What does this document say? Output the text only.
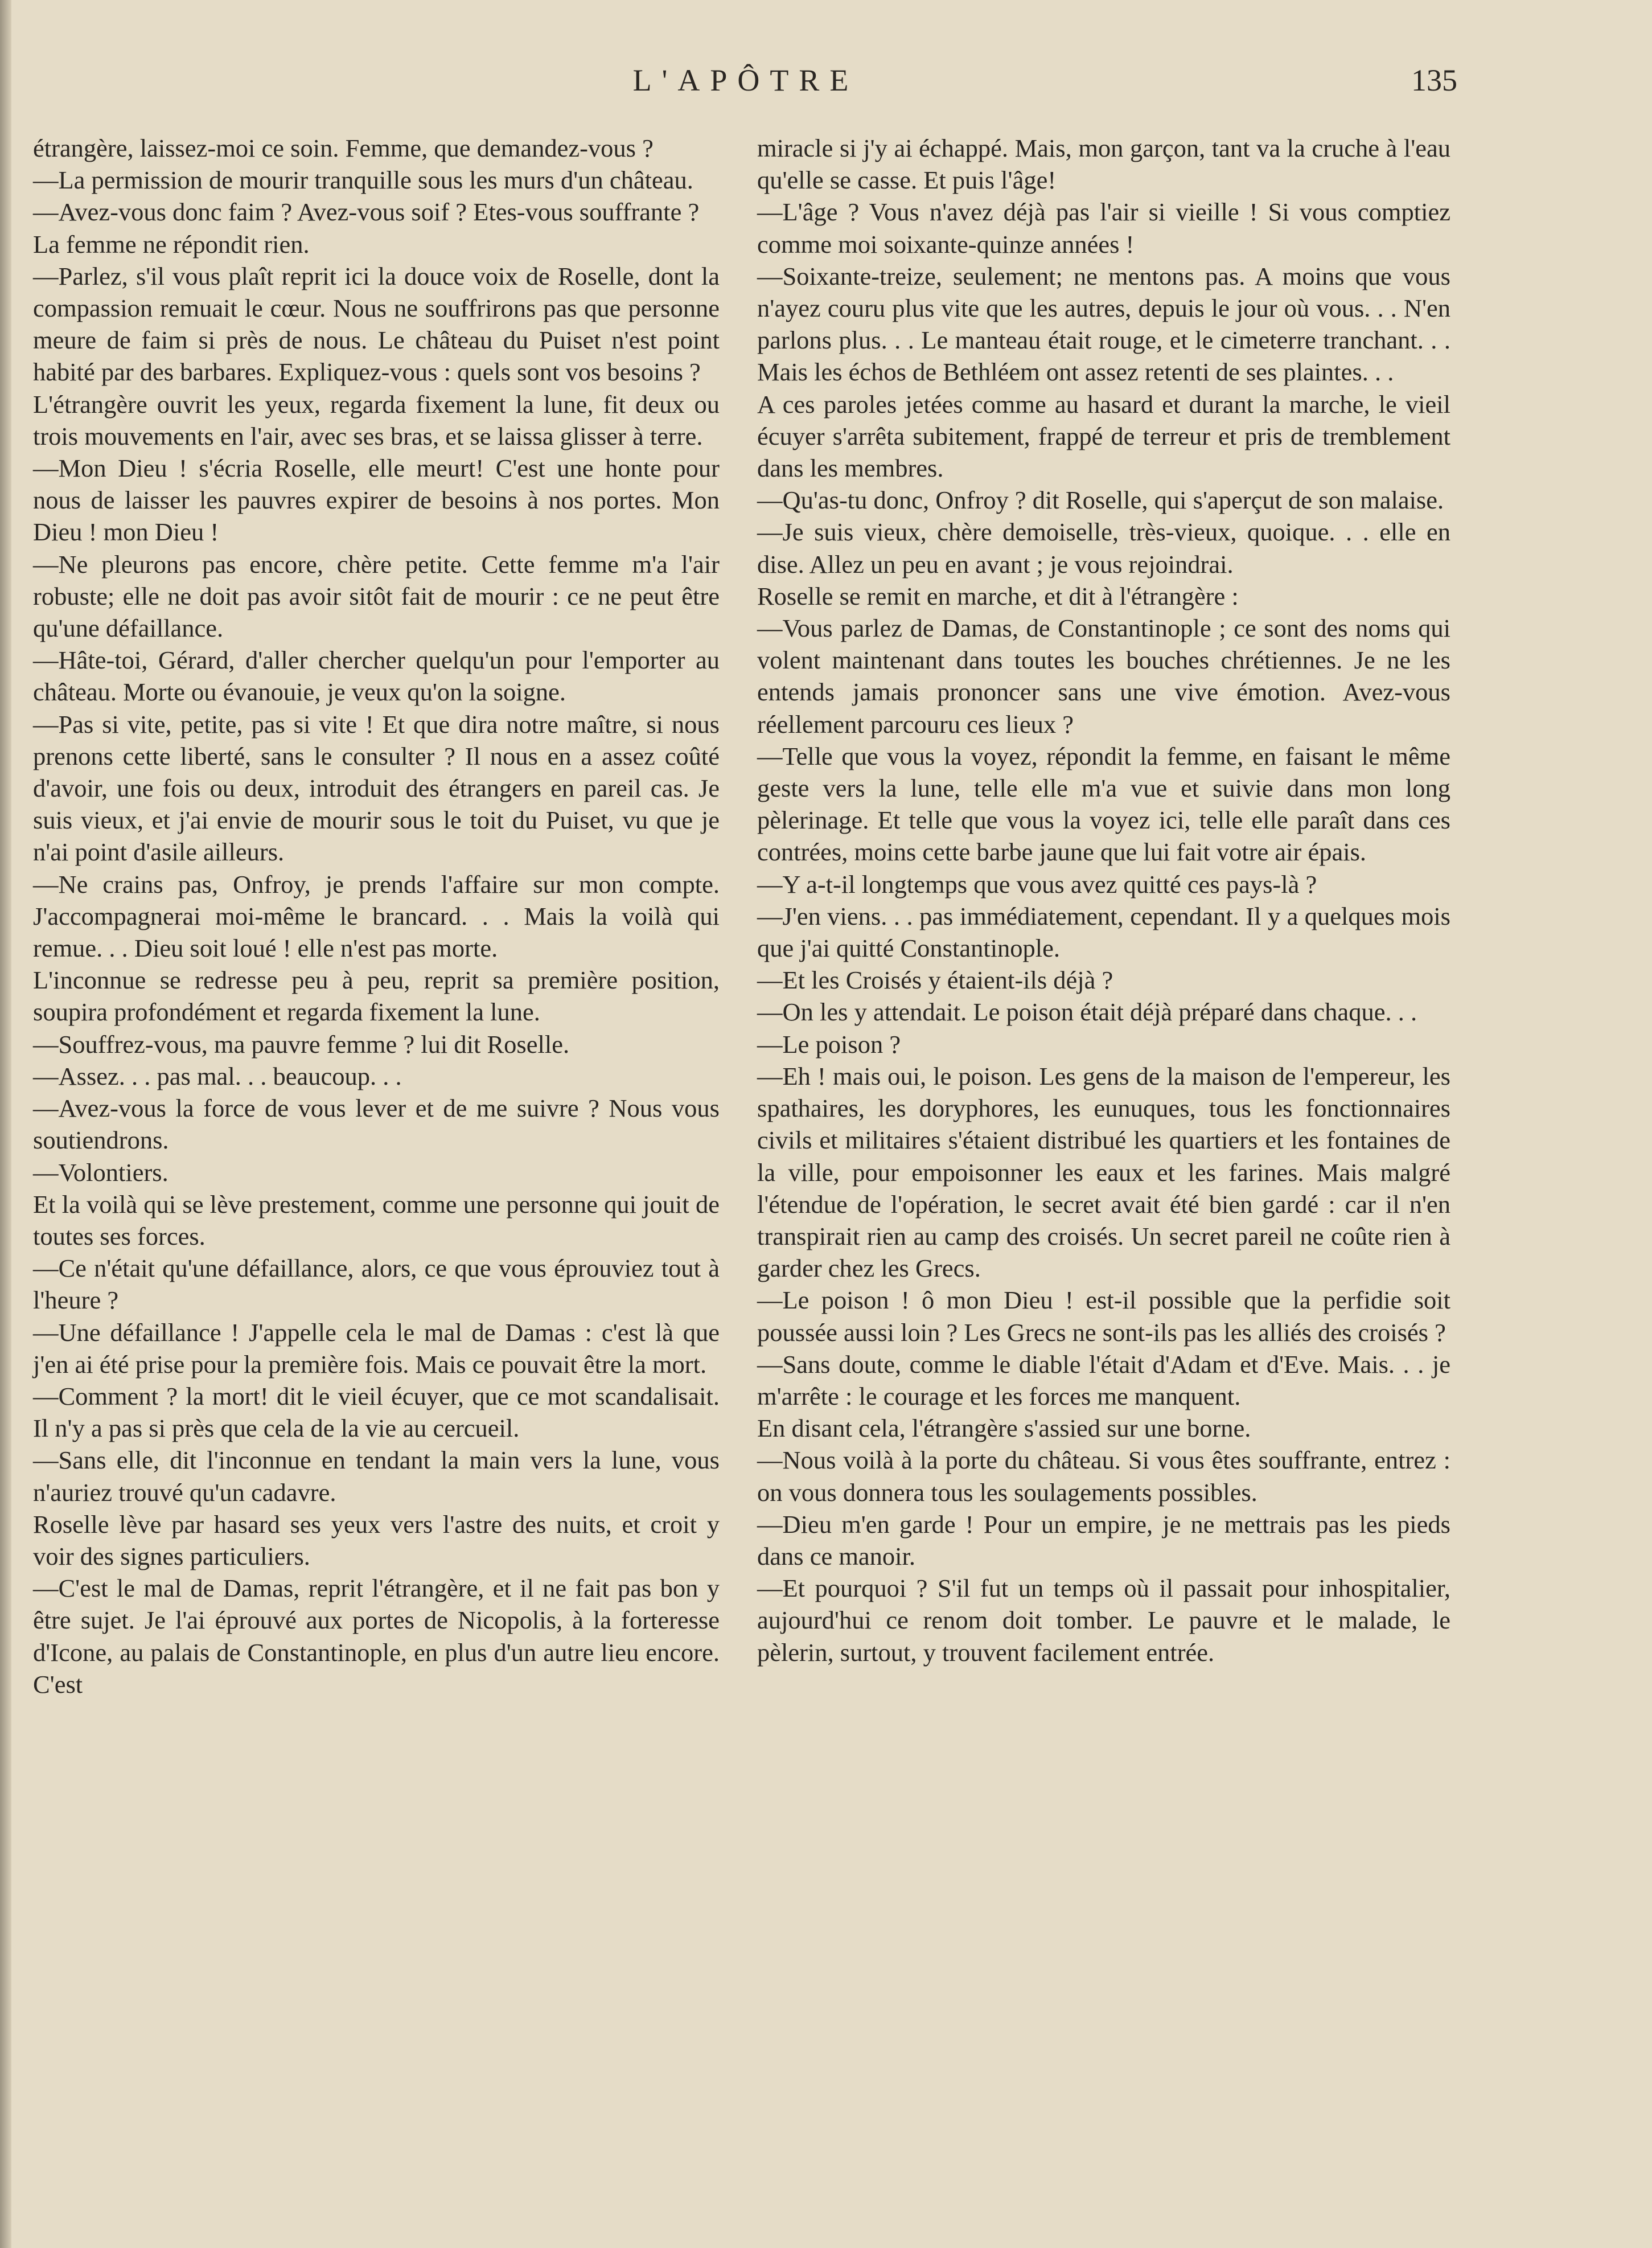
L'APÔTRE	135
étrangère, laissez-moi ce soin. Femme, que demandez-vous ?
—La permission de mourir tranquille sous les murs d'un château.
—Avez-vous donc faim ? Avez-vous soif ? Etes-vous souffrante ?
La femme ne répondit rien.
—Parlez, s'il vous plaît reprit ici la douce voix de Roselle, dont la compassion remuait le cœur. Nous ne souffrirons pas que personne meure de faim si près de nous. Le château du Puiset n'est point habité par des barbares. Expliquez-vous : quels sont vos besoins ?
L'étrangère ouvrit les yeux, regarda fixement la lune, fit deux ou trois mouvements en l'air, avec ses bras, et se laissa glisser à terre.
—Mon Dieu ! s'écria Roselle, elle meurt! C'est une honte pour nous de laisser les pauvres expirer de besoins à nos portes. Mon Dieu ! mon Dieu !
—Ne pleurons pas encore, chère petite. Cette femme m'a l'air robuste; elle ne doit pas avoir sitôt fait de mourir : ce ne peut être qu'une défaillance.
—Hâte-toi, Gérard, d'aller chercher quelqu'un pour l'emporter au château. Morte ou évanouie, je veux qu'on la soigne.
—Pas si vite, petite, pas si vite ! Et que dira notre maître, si nous prenons cette liberté, sans le consulter ? Il nous en a assez coûté d'avoir, une fois ou deux, introduit des étrangers en pareil cas. Je suis vieux, et j'ai envie de mourir sous le toit du Puiset, vu que je n'ai point d'asile ailleurs.
—Ne crains pas, Onfroy, je prends l'affaire sur mon compte. J'accompagnerai moi-même le brancard. . . Mais la voilà qui remue. . . Dieu soit loué ! elle n'est pas morte.
L'inconnue se redresse peu à peu, reprit sa première position, soupira profondément et regarda fixement la lune.
—Souffrez-vous, ma pauvre femme ? lui dit Roselle.
—Assez. . . pas mal. . . beaucoup. . .
—Avez-vous la force de vous lever et de me suivre ? Nous vous soutiendrons.
—Volontiers.
Et la voilà qui se lève prestement, comme une personne qui jouit de toutes ses forces.
—Ce n'était qu'une défaillance, alors, ce que vous éprouviez tout à l'heure ?
—Une défaillance ! J'appelle cela le mal de Damas : c'est là que j'en ai été prise pour la première fois. Mais ce pouvait être la mort.
—Comment ? la mort! dit le vieil écuyer, que ce mot scandalisait. Il n'y a pas si près que cela de la vie au cercueil.
—Sans elle, dit l'inconnue en tendant la main vers la lune, vous n'auriez trouvé qu'un cadavre.
Roselle lève par hasard ses yeux vers l'astre des nuits, et croit y voir des signes particuliers.
—C'est le mal de Damas, reprit l'étrangère, et il ne fait pas bon y être sujet. Je l'ai éprouvé aux portes de Nicopolis, à la forteresse d'Icone, au palais de Constantinople, en plus d'un autre lieu encore. C'est
miracle si j'y ai échappé. Mais, mon garçon, tant va la cruche à l'eau qu'elle se casse. Et puis l'âge!
—L'âge ? Vous n'avez déjà pas l'air si vieille ! Si vous comptiez comme moi soixante-quinze années !
—Soixante-treize, seulement; ne mentons pas. A moins que vous n'ayez couru plus vite que les autres, depuis le jour où vous. . . N'en parlons plus. . . Le manteau était rouge, et le cimeterre tranchant. . . Mais les échos de Bethléem ont assez retenti de ses plaintes. . .
A ces paroles jetées comme au hasard et durant la marche, le vieil écuyer s'arrêta subitement, frappé de terreur et pris de tremblement dans les membres.
—Qu'as-tu donc, Onfroy ? dit Roselle, qui s'aperçut de son malaise.
—Je suis vieux, chère demoiselle, très-vieux, quoique. . . elle en dise. Allez un peu en avant ; je vous rejoindrai.
Roselle se remit en marche, et dit à l'étrangère :
—Vous parlez de Damas, de Constantinople ; ce sont des noms qui volent maintenant dans toutes les bouches chrétiennes. Je ne les entends jamais prononcer sans une vive émotion. Avez-vous réellement parcouru ces lieux ?
—Telle que vous la voyez, répondit la femme, en faisant le même geste vers la lune, telle elle m'a vue et suivie dans mon long pèlerinage. Et telle que vous la voyez ici, telle elle paraît dans ces contrées, moins cette barbe jaune que lui fait votre air épais.
—Y a-t-il longtemps que vous avez quitté ces pays-là ?
—J'en viens. . . pas immédiatement, cependant. Il y a quelques mois que j'ai quitté Constantinople.
—Et les Croisés y étaient-ils déjà ?
—On les y attendait. Le poison était déjà préparé dans chaque. . .
—Le poison ?
—Eh ! mais oui, le poison. Les gens de la maison de l'empereur, les spathaires, les doryphores, les eunuques, tous les fonctionnaires civils et militaires s'étaient distribué les quartiers et les fontaines de la ville, pour empoisonner les eaux et les farines. Mais malgré l'étendue de l'opération, le secret avait été bien gardé : car il n'en transpirait rien au camp des croisés. Un secret pareil ne coûte rien à garder chez les Grecs.
—Le poison ! ô mon Dieu ! est-il possible que la perfidie soit poussée aussi loin ? Les Grecs ne sont-ils pas les alliés des croisés ?
—Sans doute, comme le diable l'était d'Adam et d'Eve. Mais. . . je m'arrête : le courage et les forces me manquent.
En disant cela, l'étrangère s'assied sur une borne.
—Nous voilà à la porte du château. Si vous êtes souffrante, entrez : on vous donnera tous les soulagements possibles.
—Dieu m'en garde ! Pour un empire, je ne mettrais pas les pieds dans ce manoir.
—Et pourquoi ? S'il fut un temps où il passait pour inhospitalier, aujourd'hui ce renom doit tomber. Le pauvre et le malade, le pèlerin, surtout, y trouvent facilement entrée.
